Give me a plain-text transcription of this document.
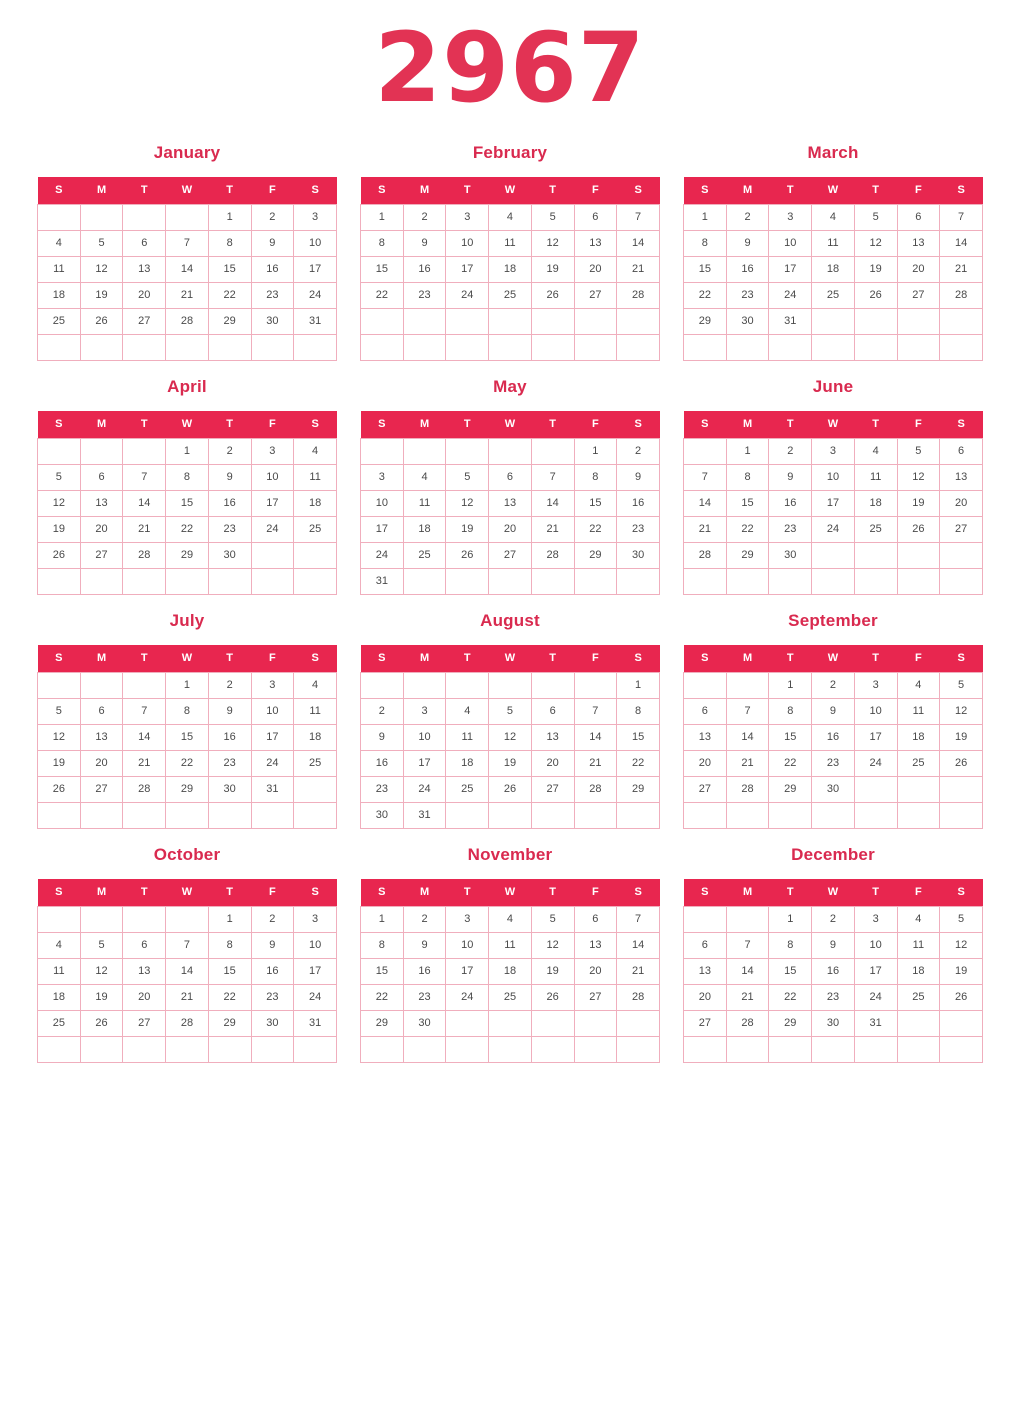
2967
January
S	M	T	W	T	F	S
				1	2	3
4	5	6	7	8	9	10
11	12	13	14	15	16	17
18	19	20	21	22	23	24
25	26	27	28	29	30	31

February
S	M	T	W	T	F	S
1	2	3	4	5	6	7
8	9	10	11	12	13	14
15	16	17	18	19	20	21
22	23	24	25	26	27	28

March
S	M	T	W	T	F	S
1	2	3	4	5	6	7
8	9	10	11	12	13	14
15	16	17	18	19	20	21
22	23	24	25	26	27	28
29	30	31				

April
S	M	T	W	T	F	S
			1	2	3	4
5	6	7	8	9	10	11
12	13	14	15	16	17	18
19	20	21	22	23	24	25
26	27	28	29	30		

May
S	M	T	W	T	F	S
					1	2
3	4	5	6	7	8	9
10	11	12	13	14	15	16
17	18	19	20	21	22	23
24	25	26	27	28	29	30
31						
June
S	M	T	W	T	F	S
	1	2	3	4	5	6
7	8	9	10	11	12	13
14	15	16	17	18	19	20
21	22	23	24	25	26	27
28	29	30				

July
S	M	T	W	T	F	S
			1	2	3	4
5	6	7	8	9	10	11
12	13	14	15	16	17	18
19	20	21	22	23	24	25
26	27	28	29	30	31	

August
S	M	T	W	T	F	S
						1
2	3	4	5	6	7	8
9	10	11	12	13	14	15
16	17	18	19	20	21	22
23	24	25	26	27	28	29
30	31					
September
S	M	T	W	T	F	S
		1	2	3	4	5
6	7	8	9	10	11	12
13	14	15	16	17	18	19
20	21	22	23	24	25	26
27	28	29	30			

October
S	M	T	W	T	F	S
				1	2	3
4	5	6	7	8	9	10
11	12	13	14	15	16	17
18	19	20	21	22	23	24
25	26	27	28	29	30	31

November
S	M	T	W	T	F	S
1	2	3	4	5	6	7
8	9	10	11	12	13	14
15	16	17	18	19	20	21
22	23	24	25	26	27	28
29	30					

December
S	M	T	W	T	F	S
		1	2	3	4	5
6	7	8	9	10	11	12
13	14	15	16	17	18	19
20	21	22	23	24	25	26
27	28	29	30	31		
